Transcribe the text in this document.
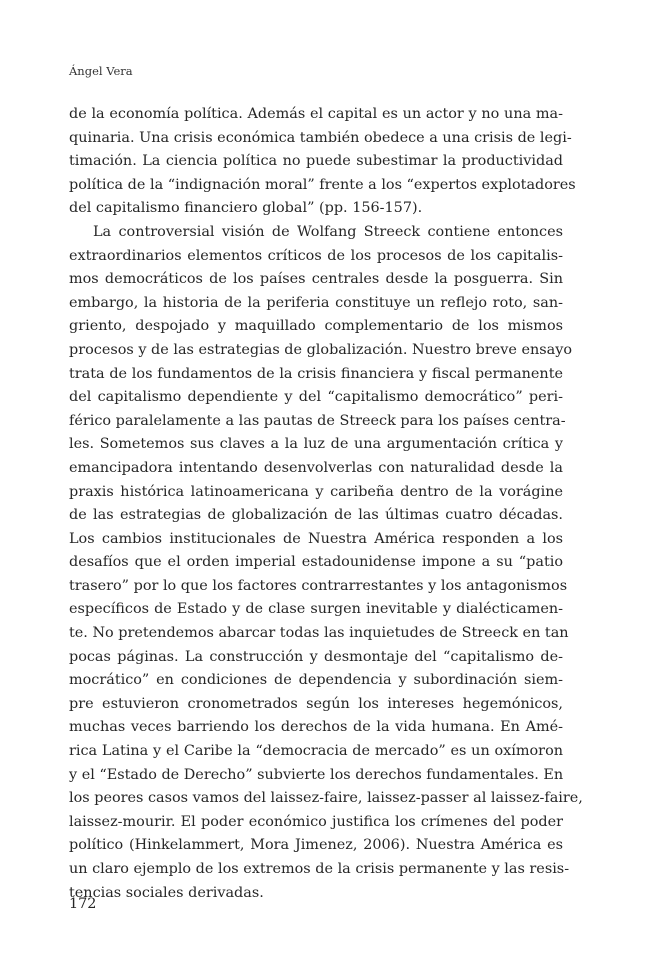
Ángel Vera
de la economía política. Además el capital es un actor y no una ma-
quinaria. Una crisis económica también obedece a una crisis de legi-
timación. La ciencia política no puede subestimar la productividad
política de la “indignación moral” frente a los “expertos explotadores
del capitalismo financiero global” (pp. 156-157).
La controversial visión de Wolfang Streeck contiene entonces
extraordinarios elementos críticos de los procesos de los capitalis-
mos democráticos de los países centrales desde la posguerra. Sin
embargo, la historia de la periferia constituye un reflejo roto, san-
griento, despojado y maquillado complementario de los mismos
procesos y de las estrategias de globalización. Nuestro breve ensayo
trata de los fundamentos de la crisis financiera y fiscal permanente
del capitalismo dependiente y del “capitalismo democrático” peri-
férico paralelamente a las pautas de Streeck para los países centra-
les. Sometemos sus claves a la luz de una argumentación crítica y
emancipadora intentando desenvolverlas con naturalidad desde la
praxis histórica latinoamericana y caribeña dentro de la vorágine
de las estrategias de globalización de las últimas cuatro décadas.
Los cambios institucionales de Nuestra América responden a los
desafíos que el orden imperial estadounidense impone a su “patio
trasero” por lo que los factores contrarrestantes y los antagonismos
específicos de Estado y de clase surgen inevitable y dialécticamen-
te. No pretendemos abarcar todas las inquietudes de Streeck en tan
pocas páginas. La construcción y desmontaje del “capitalismo de-
mocrático” en condiciones de dependencia y subordinación siem-
pre estuvieron cronometrados según los intereses hegemónicos,
muchas veces barriendo los derechos de la vida humana. En Amé-
rica Latina y el Caribe la “democracia de mercado” es un oxímoron
y el “Estado de Derecho” subvierte los derechos fundamentales. En
los peores casos vamos del laissez-faire, laissez-passer al laissez-faire,
laissez-mourir. El poder económico justifica los crímenes del poder
político (Hinkelammert, Mora Jimenez, 2006). Nuestra América es
un claro ejemplo de los extremos de la crisis permanente y las resis-
tencias sociales derivadas.
172
